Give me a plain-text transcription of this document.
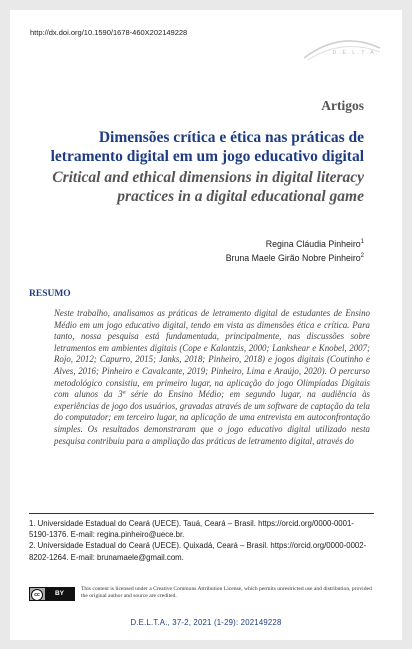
http://dx.doi.org/10.1590/1678-460X202149228
D.E.L.T.A.
Artigos
Dimensões crítica e ética nas práticas de letramento digital em um jogo educativo digital
Critical and ethical dimensions in digital literacy practices in a digital educational game
Regina Cláudia Pinheiro$^1$
Bruna Maele Girão Nobre Pinheiro$^2$
RESUMO

Neste trabalho, analisamos as práticas de letramento digital de estudantes de Ensino Médio em um jogo educativo digital, tendo em vista as dimensões ética e crítica. Para tanto, nossa pesquisa está fundamentada, principalmente, nas discussões sobre letramentos em ambientes digitais (Cope e Kalantzis, 2000; Lankshear e Knobel, 2007; Rojo, 2012; Capurro, 2015; Janks, 2018; Pinheiro, 2018) e jogos digitais (Coutinho e Alves, 2016; Pinheiro e Cavalcante, 2019; Pinheiro, Lima e Araújo, 2020). O percurso metodológico consistiu, em primeiro lugar, na aplicação do jogo Olimpíadas Digitais com alunos da 3ª série do Ensino Médio; em segundo lugar, na audiência às experiências de jogo dos usuários, gravadas através de um software de captação da tela do computador; em terceiro lugar, na aplicação de uma entrevista em autoconfrontação simples. Os resultados demonstraram que o jogo educativo digital utilizado nesta pesquisa contribuiu para a ampliação das práticas de letramento digital, através do

1. Universidade Estadual do Ceará (UECE). Tauá, Ceará – Brasil. https://orcid.org/0000-0001- 5190-1376. E-mail: regina.pinheiro@uece.br.

2. Universidade Estadual do Ceará (UECE). Quixadá, Ceará – Brasil. https://orcid.org/0000-0002-8202-1264. E-mail: brunamaele@gmail.com.

cc	BY

This content is licensed under a Creative Commons Attribution License, which permits unrestricted use and distribution, provided the original author and source are credited.

D.E.L.T.A., 37-2, 2021 (1-29): 202149228
